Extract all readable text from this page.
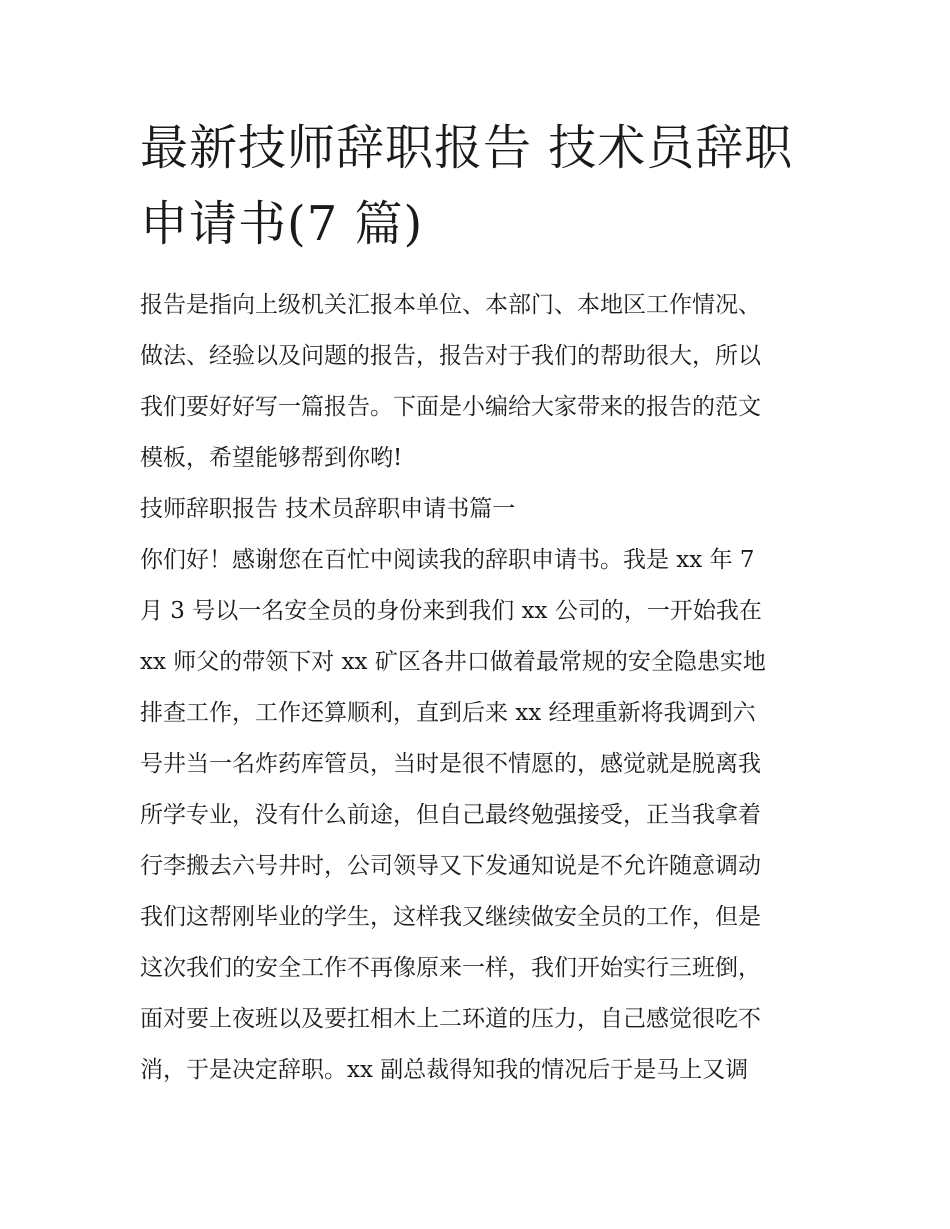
最新技师辞职报告 技术员辞职
申请书(7 篇)

报告是指向上级机关汇报本单位、本部门、本地区工作情况、
做法、经验以及问题的报告，报告对于我们的帮助很大，所以
我们要好好写一篇报告。下面是小编给大家带来的报告的范文
模板，希望能够帮到你哟!

技师辞职报告 技术员辞职申请书篇一

你们好！感谢您在百忙中阅读我的辞职申请书。我是 xx 年 7
月 3 号以一名安全员的身份来到我们 xx 公司的，一开始我在
xx 师父的带领下对 xx 矿区各井口做着最常规的安全隐患实地
排查工作，工作还算顺利，直到后来 xx 经理重新将我调到六
号井当一名炸药库管员，当时是很不情愿的，感觉就是脱离我
所学专业，没有什么前途，但自己最终勉强接受，正当我拿着
行李搬去六号井时，公司领导又下发通知说是不允许随意调动
我们这帮刚毕业的学生，这样我又继续做安全员的工作，但是
这次我们的安全工作不再像原来一样，我们开始实行三班倒，
面对要上夜班以及要扛相木上二环道的压力，自己感觉很吃不
消，于是决定辞职。xx 副总裁得知我的情况后于是马上又调
